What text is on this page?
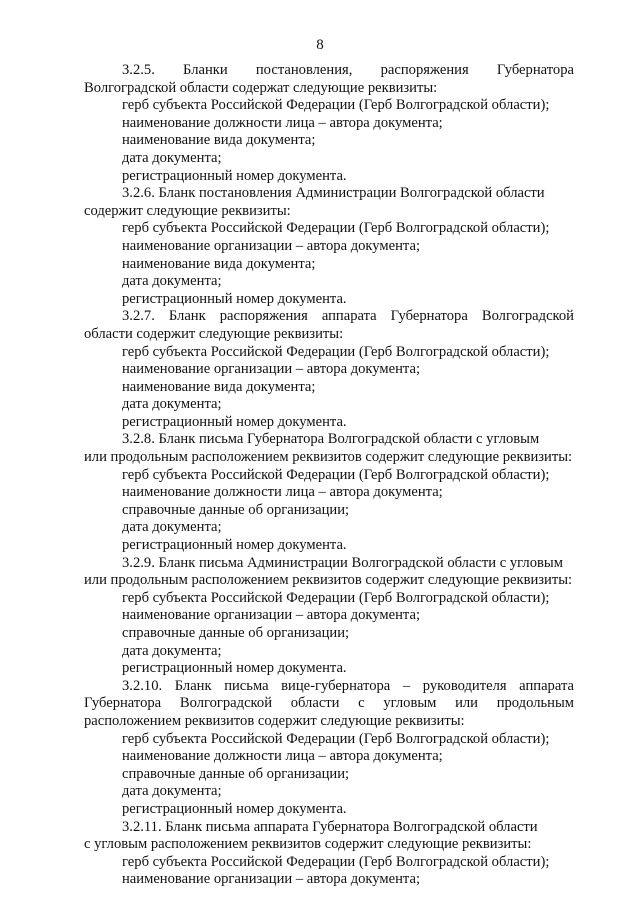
8
3.2.5. Бланки постановления, распоряжения Губернатора
Волгоградской области содержат следующие реквизиты:
герб субъекта Российской Федерации (Герб Волгоградской области);
наименование должности лица – автора документа;
наименование вида документа;
дата документа;
регистрационный номер документа.
3.2.6. Бланк постановления Администрации Волгоградской области
содержит следующие реквизиты:
герб субъекта Российской Федерации (Герб Волгоградской области);
наименование организации – автора документа;
наименование вида документа;
дата документа;
регистрационный номер документа.
3.2.7. Бланк распоряжения аппарата Губернатора Волгоградской
области содержит следующие реквизиты:
герб субъекта Российской Федерации (Герб Волгоградской области);
наименование организации – автора документа;
наименование вида документа;
дата документа;
регистрационный номер документа.
3.2.8. Бланк письма Губернатора Волгоградской области с угловым
или продольным расположением реквизитов содержит следующие реквизиты:
герб субъекта Российской Федерации (Герб Волгоградской области);
наименование должности лица – автора документа;
справочные данные об организации;
дата документа;
регистрационный номер документа.
3.2.9. Бланк письма Администрации Волгоградской области с угловым
или продольным расположением реквизитов содержит следующие реквизиты:
герб субъекта Российской Федерации (Герб Волгоградской области);
наименование организации – автора документа;
справочные данные об организации;
дата документа;
регистрационный номер документа.
3.2.10. Бланк письма вице-губернатора – руководителя аппарата
Губернатора Волгоградской области с угловым или продольным
расположением реквизитов содержит следующие реквизиты:
герб субъекта Российской Федерации (Герб Волгоградской области);
наименование должности лица – автора документа;
справочные данные об организации;
дата документа;
регистрационный номер документа.
3.2.11. Бланк письма аппарата Губернатора Волгоградской области
с угловым расположением реквизитов содержит следующие реквизиты:
герб субъекта Российской Федерации (Герб Волгоградской области);
наименование организации – автора документа;
